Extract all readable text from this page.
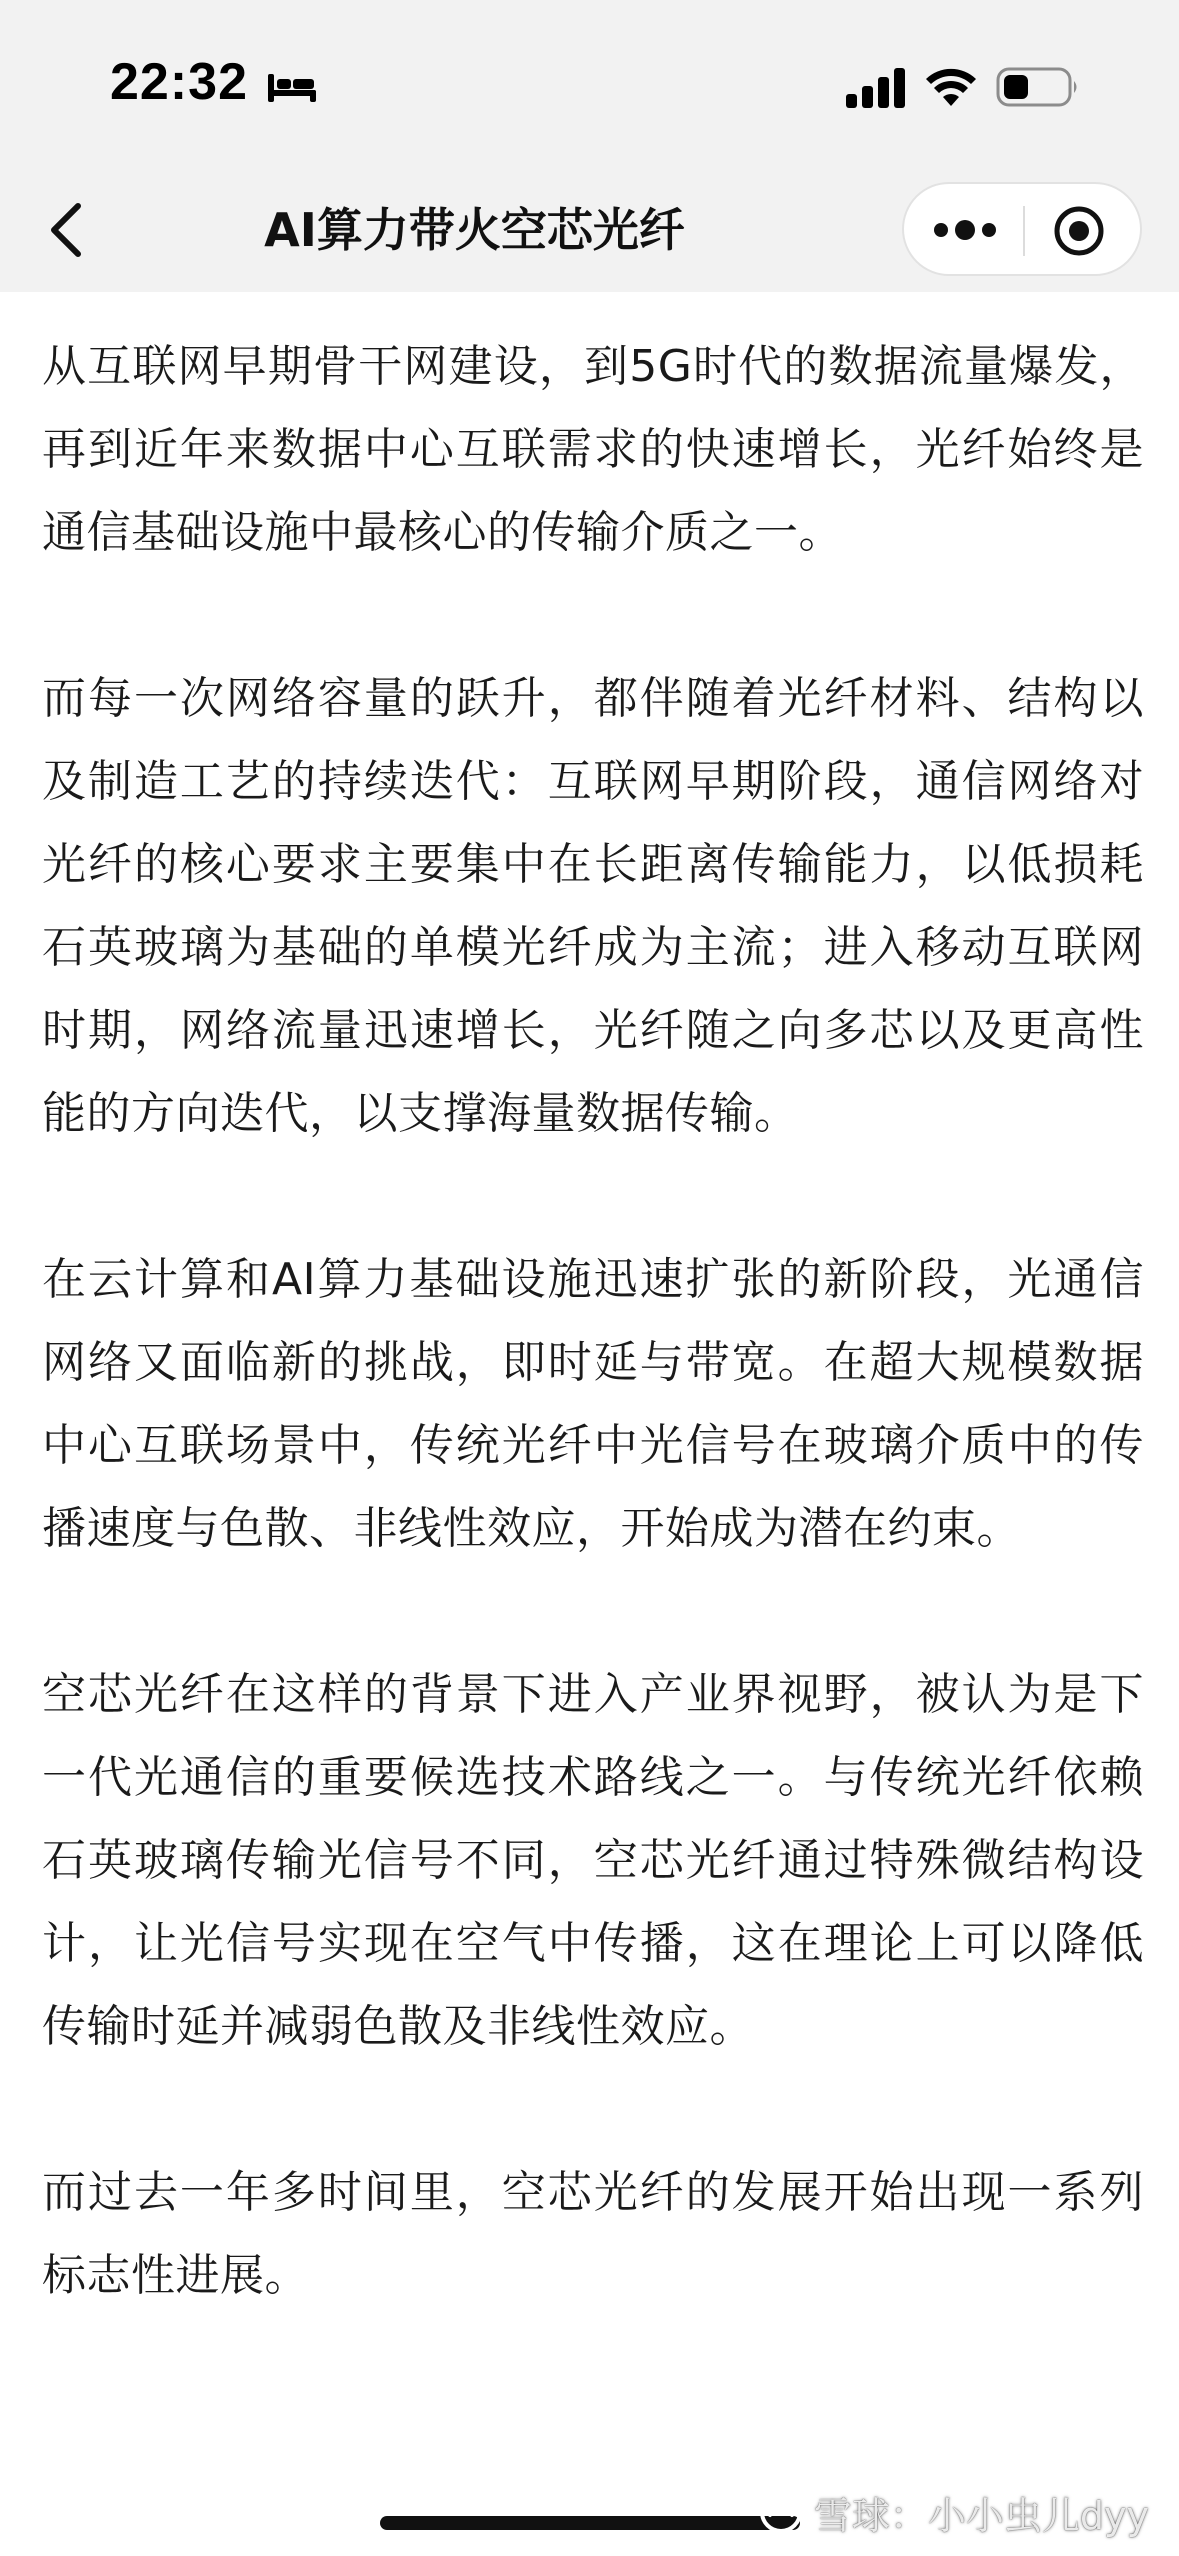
22:32
AI算力带火空芯光纤

从互联网早期骨干网建设，到5G时代的数据流量爆发，再到近年来数据中心互联需求的快速增长，光纤始终是通信基础设施中最核心的传输介质之一。

而每一次网络容量的跃升，都伴随着光纤材料、结构以及制造工艺的持续迭代：互联网早期阶段，通信网络对光纤的核心要求主要集中在长距离传输能力，以低损耗石英玻璃为基础的单模光纤成为主流；进入移动互联网时期，网络流量迅速增长，光纤随之向多芯以及更高性能的方向迭代，以支撑海量数据传输。

在云计算和AI算力基础设施迅速扩张的新阶段，光通信网络又面临新的挑战，即时延与带宽。在超大规模数据中心互联场景中，传统光纤中光信号在玻璃介质中的传播速度与色散、非线性效应，开始成为潜在约束。

空芯光纤在这样的背景下进入产业界视野，被认为是下一代光通信的重要候选技术路线之一。与传统光纤依赖石英玻璃传输光信号不同，空芯光纤通过特殊微结构设计，让光信号实现在空气中传播，这在理论上可以降低传输时延并减弱色散及非线性效应。

而过去一年多时间里，空芯光纤的发展开始出现一系列标志性进展。

雪球：小小虫儿dyy
